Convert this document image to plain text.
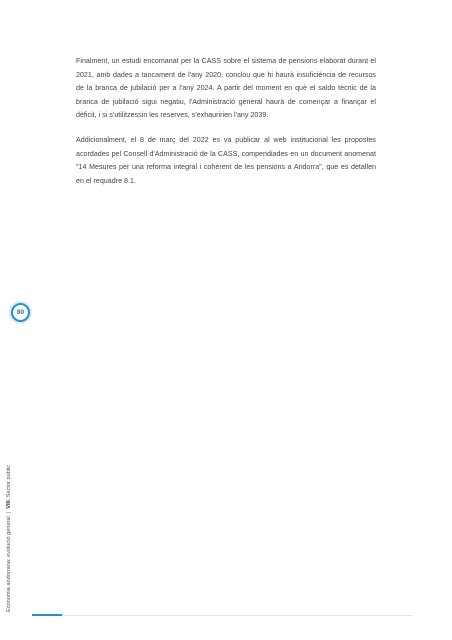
Finalment, un estudi encomanat per la CASS sobre el sistema de pensions elaborat durant el 2021, amb dades a tancament de l'any 2020, conclou que hi haurà insuficiència de recursos de la branca de jubilació per a l'any 2024. A partir del moment en què el saldo tècnic de la branca de jubilació sigui negatiu, l'Administració general haurà de començar a finançar el dèficit, i si s'utilitzessin les reserves, s'exhauririen l'any 2039.

Addicionalment, el 8 de març del 2022 es va publicar al web institucional les propostes acordades pel Consell d'Administració de la CASS, compendiades en un document anomenat "14 Mesures per una reforma integral i coherent de les pensions a Andorra", que es detallen en el requadre 8.1.

80
Economia andorrana: evolució general|VIII. Sector públic
